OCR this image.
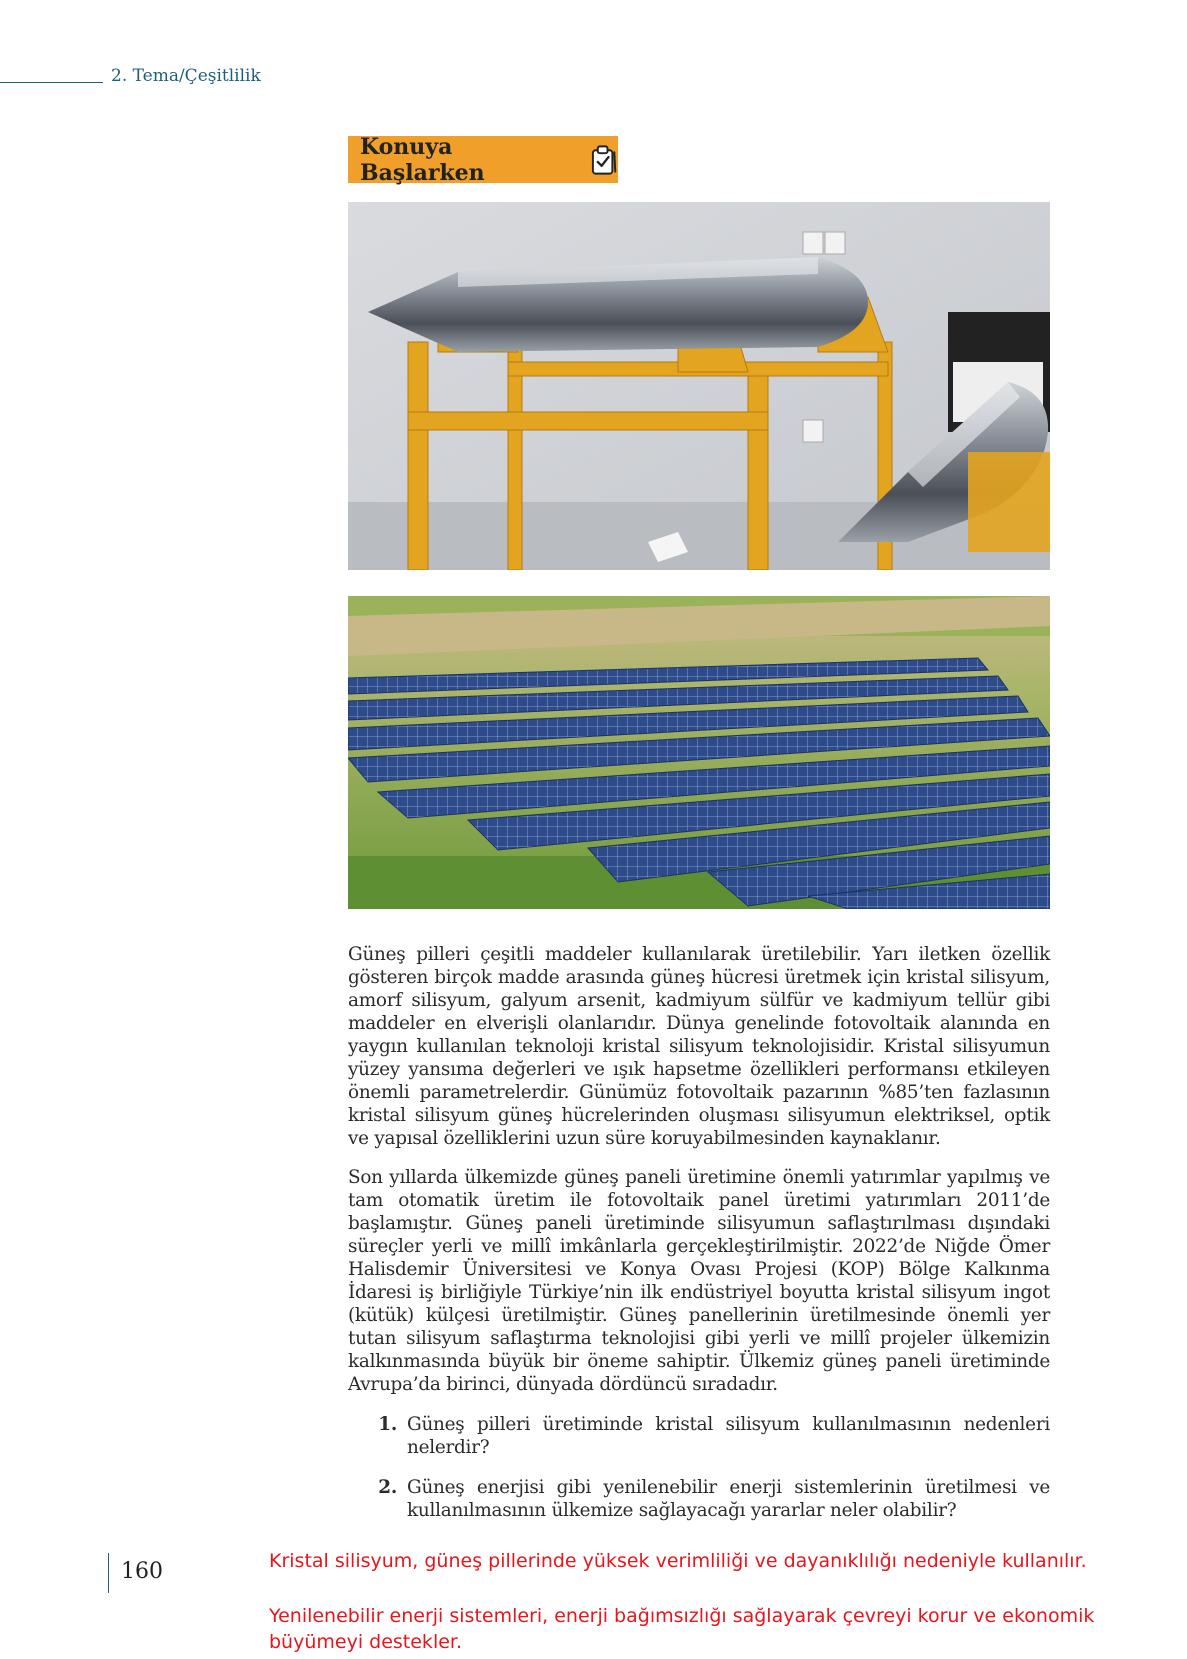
2. Tema/Çeşitlilik
Konuya Başlarken
Güneş pilleri çeşitli maddeler kullanılarak üretilebilir. Yarı iletken özellik gösteren birçok madde arasında güneş hücresi üretmek için kristal silisyum, amorf silisyum, galyum arsenit, kadmiyum sülfür ve kadmiyum tellür gibi maddeler en elverişli olanlarıdır. Dünya genelinde fotovoltaik alanında en yaygın kullanılan teknoloji kristal silisyum teknolojisidir. Kristal silisyumun yüzey yansıma değerleri ve ışık hapsetme özellikleri performansı etkileyen önemli parametrelerdir. Günümüz fotovoltaik pazarının %85’ten fazlasının kristal silisyum güneş hücrelerinden oluşması silisyumun elektriksel, optik ve yapısal özelliklerini uzun süre koruyabilmesinden kaynaklanır.
Son yıllarda ülkemizde güneş paneli üretimine önemli yatırımlar yapılmış ve tam otomatik üretim ile fotovoltaik panel üretimi yatırımları 2011’de başlamıştır. Güneş paneli üretiminde silisyumun saflaştırılması dışındaki süreçler yerli ve millî imkânlarla gerçekleştirilmiştir. 2022’de Niğde Ömer Halisdemir Üniversitesi ve Konya Ovası Projesi (KOP) Bölge Kalkınma İdaresi iş birliğiyle Türkiye’nin ilk endüstriyel boyutta kristal silisyum ingot (kütük) külçesi üretilmiştir. Güneş panellerinin üretilmesinde önemli yer tutan silisyum saflaştırma teknolojisi gibi yerli ve millî projeler ülkemizin kalkınmasında büyük bir öneme sahiptir. Ülkemiz güneş paneli üretiminde Avrupa’da birinci, dünyada dördüncü sıradadır.
1. Güneş pilleri üretiminde kristal silisyum kullanılmasının nedenleri nelerdir?
2. Güneş enerjisi gibi yenilenebilir enerji sistemlerinin üretilmesi ve kullanılmasının ülkemize sağlayacağı yararlar neler olabilir?
160	Kristal silisyum, güneş pillerinde yüksek verimliliği ve dayanıklılığı nedeniyle kullanılır.
Yenilenebilir enerji sistemleri, enerji bağımsızlığı sağlayarak çevreyi korur ve ekonomik büyümeyi destekler.
